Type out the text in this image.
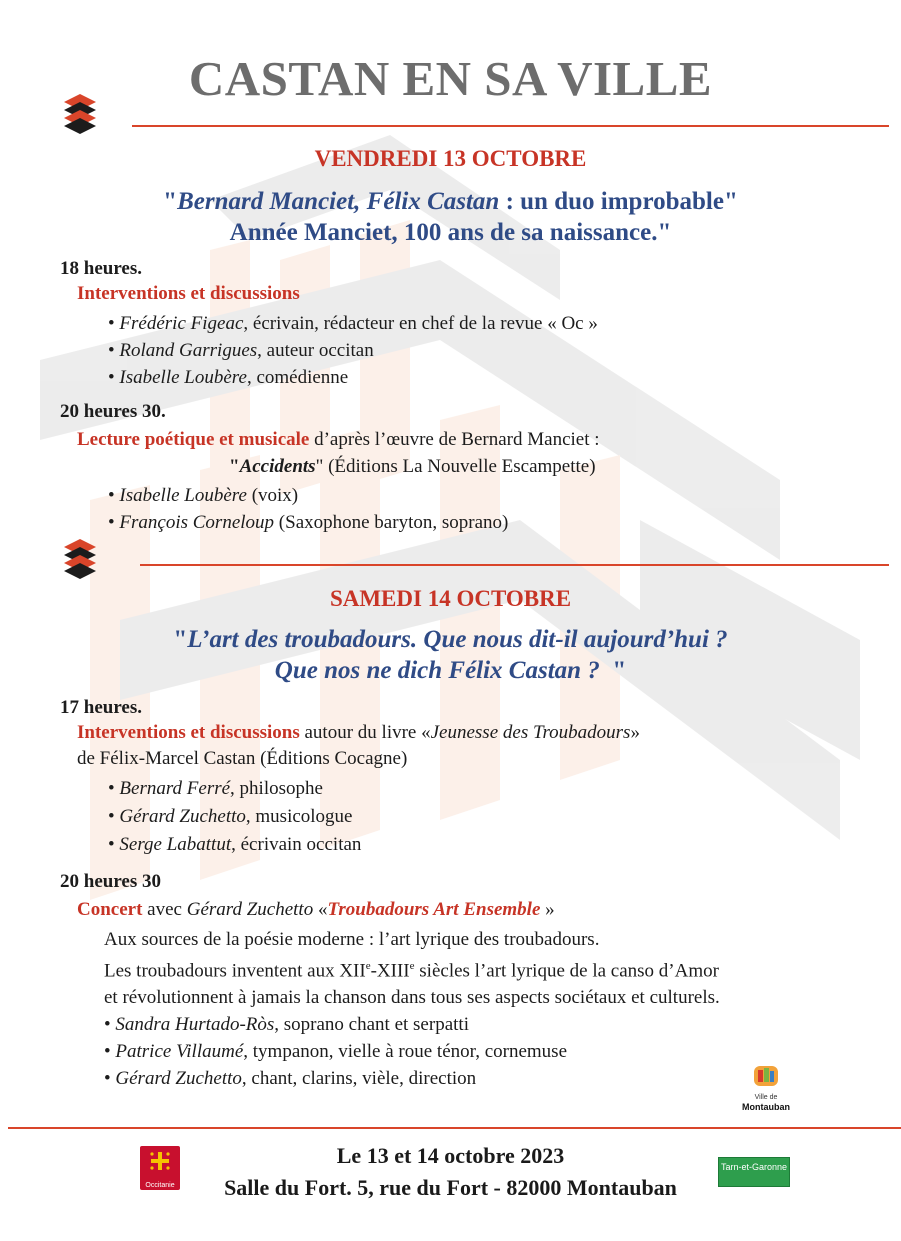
CASTAN EN SA VILLE
VENDREDI 13 OCTOBRE
"Bernard Manciet, Félix Castan : un duo improbable"
Année Manciet, 100 ans de sa naissance."
18 heures.
Interventions et discussions
• Frédéric Figeac, écrivain, rédacteur en chef de la revue « Oc »
• Roland Garrigues, auteur occitan
• Isabelle Loubère, comédienne
20 heures 30.
Lecture poétique et musicale d’après l’œuvre de Bernard Manciet :
"Accidents" (Éditions La Nouvelle Escampette)
• Isabelle Loubère (voix)
• François Corneloup (Saxophone baryton, soprano)
SAMEDI 14 OCTOBRE
"L’art des troubadours. Que nous dit-il aujourd’hui ?
Que nos ne dich Félix Castan ?  "
17 heures.
Interventions et discussions autour du livre «Jeunesse des Troubadours»
de Félix-Marcel Castan (Éditions Cocagne)
• Bernard Ferré, philosophe
• Gérard Zuchetto, musicologue
• Serge Labattut, écrivain occitan
20 heures 30
Concert avec Gérard Zuchetto «Troubadours Art Ensemble »
Aux sources de la poésie moderne : l’art lyrique des troubadours.
Les troubadours inventent aux XIIe-XIIIe siècles l’art lyrique de la canso d’Amor
et révolutionnent à jamais la chanson dans tous ses aspects sociétaux et culturels.
• Sandra Hurtado-Ròs, soprano chant et serpatti
• Patrice Villaumé, tympanon, vielle à roue ténor, cornemuse
• Gérard Zuchetto, chant, clarins, vièle, direction
Ville de
Montauban
Occitanie
Le 13 et 14 octobre 2023
Salle du Fort. 5, rue du Fort - 82000 Montauban
Tarn-et-Garonne
